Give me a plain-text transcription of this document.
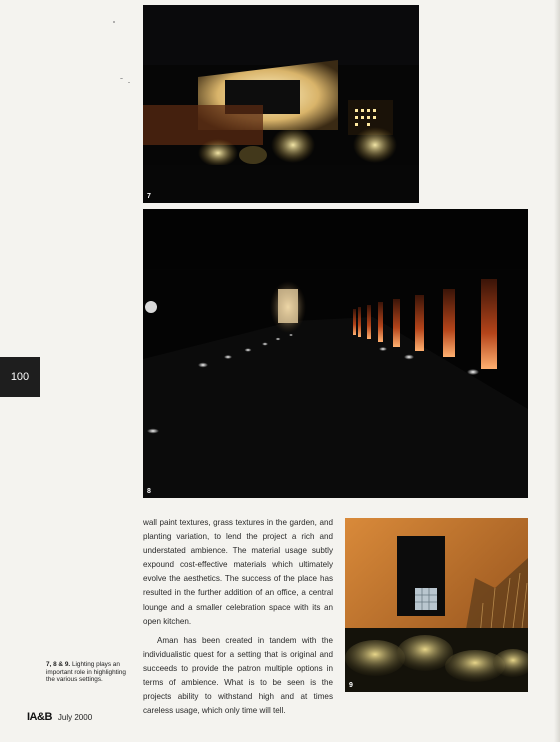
7
8
9
100

wall paint textures, grass textures in the garden, and planting variation, to lend the project a rich and understated ambience. The material usage subtly expound cost-effective materials which ultimately evolve the aesthetics. The success of the place has resulted in the further addition of an office, a central lounge and a smaller celebration space with its an open kitchen.

Aman has been created in tandem with the individualistic quest for a setting that is original and succeeds to provide the patron multiple options in terms of ambience. What is to be seen is the projects ability to withstand high and at times careless usage, which only time will tell.

7, 8 & 9. Lighting plays an important role in highlighting the various settings.
IA&B July 2000
